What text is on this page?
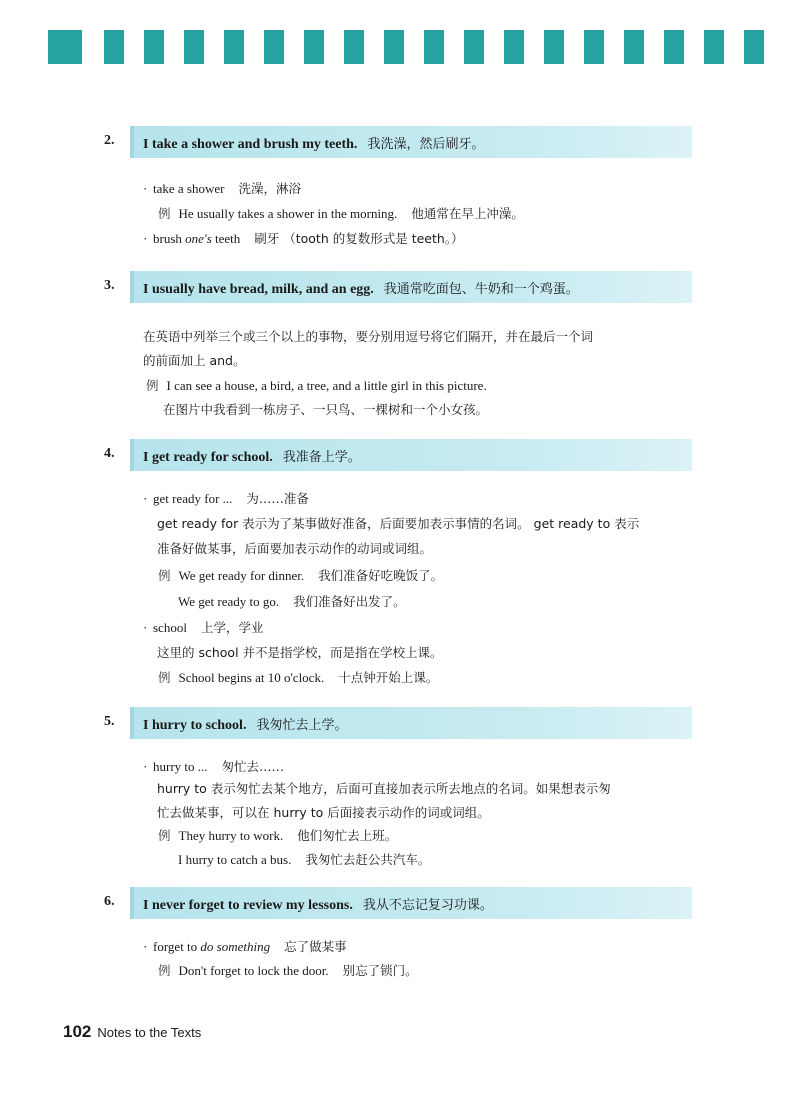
2.	I take a shower and brush my teeth. 我洗澡，然后刷牙。
· take a shower 洗澡，淋浴
例 He usually takes a shower in the morning. 他通常在早上冲澡。
· brush one's teeth 刷牙 （tooth 的复数形式是 teeth。）
3.	I usually have bread, milk, and an egg. 我通常吃面包、牛奶和一个鸡蛋。
在英语中列举三个或三个以上的事物，要分别用逗号将它们隔开，并在最后一个词
的前面加上 and。
例 I can see a house, a bird, a tree, and a little girl in this picture.
在图片中我看到一栋房子、一只鸟、一棵树和一个小女孩。
4.	I get ready for school. 我准备上学。
· get ready for ... 为……准备
get ready for 表示为了某事做好准备，后面要加表示事情的名词。 get ready to 表示
准备好做某事，后面要加表示动作的动词或词组。
例 We get ready for dinner. 我们准备好吃晚饭了。
We get ready to go. 我们准备好出发了。
· school 上学，学业
这里的 school 并不是指学校，而是指在学校上课。
例 School begins at 10 o'clock. 十点钟开始上课。
5.	I hurry to school. 我匆忙去上学。
· hurry to ... 匆忙去……
hurry to 表示匆忙去某个地方，后面可直接加表示所去地点的名词。如果想表示匆
忙去做某事，可以在 hurry to 后面接表示动作的词或词组。
例 They hurry to work. 他们匆忙去上班。
I hurry to catch a bus. 我匆忙去赶公共汽车。
6.	I never forget to review my lessons. 我从不忘记复习功课。
· forget to do something 忘了做某事
例 Don't forget to lock the door. 别忘了锁门。
102 Notes to the Texts
